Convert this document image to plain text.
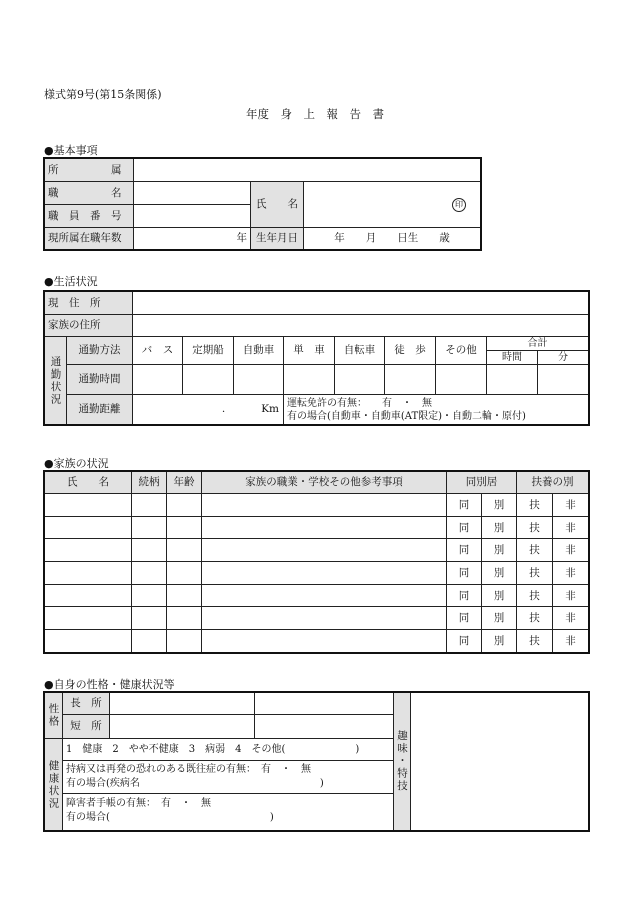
様式第9号(第15条関係)
年度　身　上　報　告　書
●基本事項
所　　　　　属			
職　　　　　名		氏　　名	印
職　員　番　号			
現所属在職年数	年	生年月日	年　　月　　日生　　歳
●生活状況
現　住　所										
家族の住所										
通勤状況	通勤方法	バ　ス	定期船	自動車	単　車	自転車	徒　歩	その他	合計	
									時間	分
	通勤時間									
	通勤距離	. Km			運転免許の有無：　　有　・　無
有の場合(自動車・自動車(AT限定)・自動二輪・原付)					
●家族の状況
氏　　名	続柄	年齢	家族の職業・学校その他参考事項	同別居		扶養の別	
				同	別	扶	非
				同	別	扶	非
				同	別	扶	非
				同	別	扶	非
				同	別	扶	非
				同	別	扶	非
				同	別	扶	非
●自身の性格・健康状況等
性格	長　所			趣味・特技	
	短　所				
健康状況	1　健康　2　やや不健康　3　病弱　4　その他(　　　　　　　)				

	持病又は再発の恐れのある既往症の有無：　有　・　無
有の場合(疾病名　　　　　　　　　　　　　　　　　　)				

	障害者手帳の有無：　有　・　無
有の場合(　　　　　　　　　　　　　　　　)				
